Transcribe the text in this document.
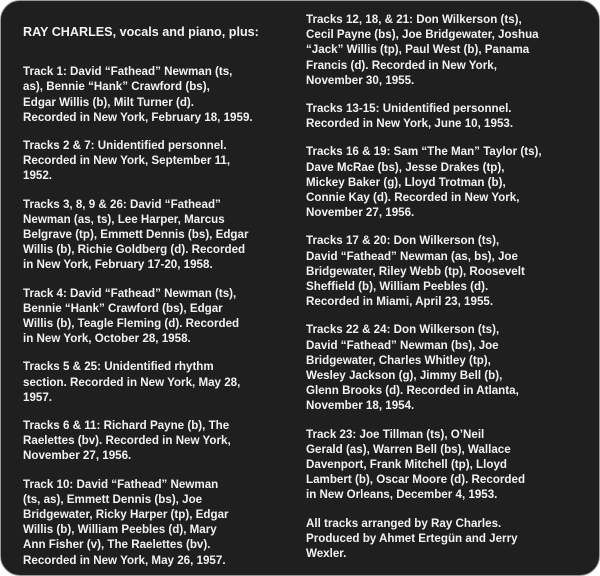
RAY CHARLES, vocals and piano, plus:
Track 1: David “Fathead” Newman (ts,
as), Bennie “Hank” Crawford (bs),
Edgar Willis (b), Milt Turner (d).
Recorded in New York, February 18, 1959.
Tracks 2 & 7: Unidentified personnel.
Recorded in New York, September 11,
1952.
Tracks 3, 8, 9 & 26: David “Fathead”
Newman (as, ts), Lee Harper, Marcus
Belgrave (tp), Emmett Dennis (bs), Edgar
Willis (b), Richie Goldberg (d). Recorded
in New York, February 17-20, 1958.
Track 4: David “Fathead” Newman (ts),
Bennie “Hank” Crawford (bs), Edgar
Willis (b), Teagle Fleming (d). Recorded
in New York, October 28, 1958.
Tracks 5 & 25: Unidentified rhythm
section. Recorded in New York, May 28,
1957.
Tracks 6 & 11: Richard Payne (b), The
Raelettes (bv). Recorded in New York,
November 27, 1956.
Track 10: David “Fathead” Newman
(ts, as), Emmett Dennis (bs), Joe
Bridgewater, Ricky Harper (tp), Edgar
Willis (b), William Peebles (d), Mary
Ann Fisher (v), The Raelettes (bv).
Recorded in New York, May 26, 1957.
Tracks 12, 18, & 21: Don Wilkerson (ts),
Cecil Payne (bs), Joe Bridgewater, Joshua
“Jack” Willis (tp), Paul West (b), Panama
Francis (d). Recorded in New York,
November 30, 1955.
Tracks 13-15: Unidentified personnel.
Recorded in New York, June 10, 1953.
Tracks 16 & 19: Sam “The Man” Taylor (ts),
Dave McRae (bs), Jesse Drakes (tp),
Mickey Baker (g), Lloyd Trotman (b),
Connie Kay (d). Recorded in New York,
November 27, 1956.
Tracks 17 & 20: Don Wilkerson (ts),
David “Fathead” Newman (as, bs), Joe
Bridgewater, Riley Webb (tp), Roosevelt
Sheffield (b), William Peebles (d).
Recorded in Miami, April 23, 1955.
Tracks 22 & 24: Don Wilkerson (ts),
David “Fathead” Newman (bs), Joe
Bridgewater, Charles Whitley (tp),
Wesley Jackson (g), Jimmy Bell (b),
Glenn Brooks (d). Recorded in Atlanta,
November 18, 1954.
Track 23: Joe Tillman (ts), O’Neil
Gerald (as), Warren Bell (bs), Wallace
Davenport, Frank Mitchell (tp), Lloyd
Lambert (b), Oscar Moore (d). Recorded
in New Orleans, December 4, 1953.
All tracks arranged by Ray Charles.
Produced by Ahmet Ertegün and Jerry
Wexler.
